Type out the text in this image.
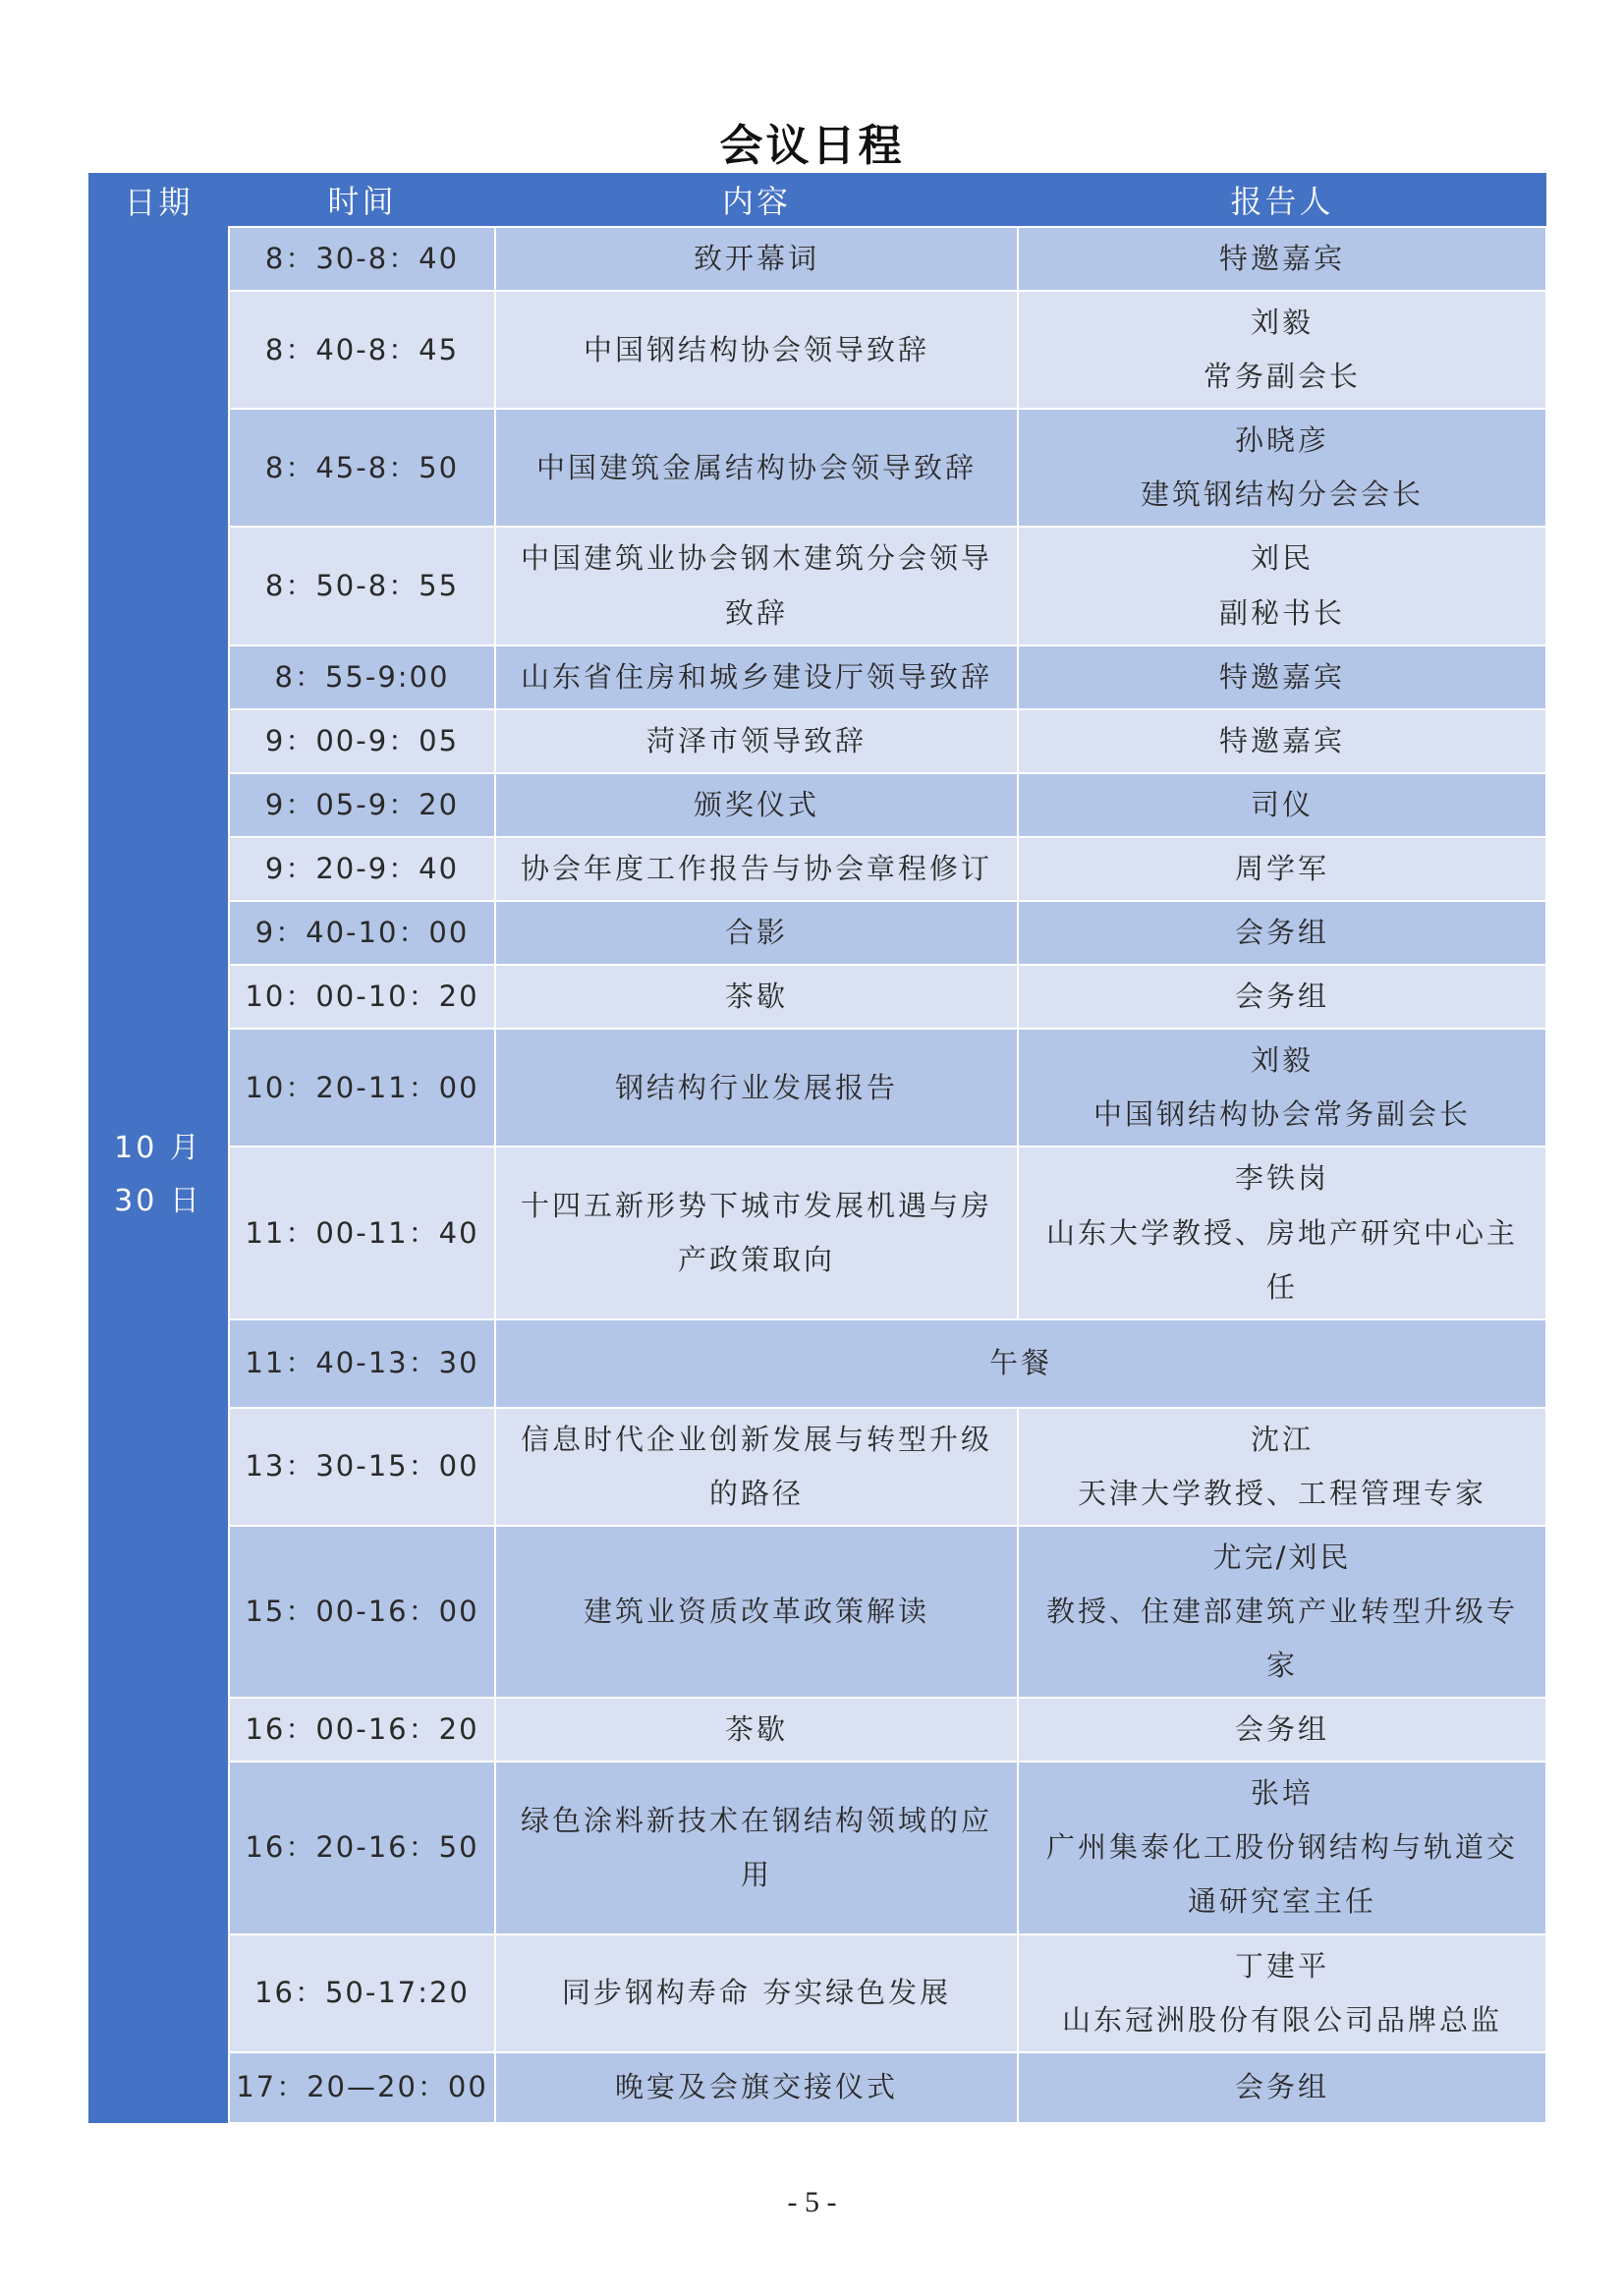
会议日程
日期	时间	内容	报告人

10 月
30 日	8：30-8：40	致开幕词	特邀嘉宾

	8：40-8：45	中国钢结构协会领导致辞	刘毅
常务副会长

	8：45-8：50	中国建筑金属结构协会领导致辞	孙晓彦
建筑钢结构分会会长

	8：50-8：55	中国建筑业协会钢木建筑分会领导致辞	刘民
副秘书长

	8：55-9:00	山东省住房和城乡建设厅领导致辞	特邀嘉宾

	9：00-9：05	菏泽市领导致辞	特邀嘉宾

	9：05-9：20	颁奖仪式	司仪

	9：20-9：40	协会年度工作报告与协会章程修订	周学军

	9：40-10：00	合影	会务组

	10：00-10：20	茶歇	会务组

	10：20-11：00	钢结构行业发展报告	刘毅
中国钢结构协会常务副会长

	11：00-11：40	十四五新形势下城市发展机遇与房产政策取向	李铁岗
山东大学教授、房地产研究中心主任

	11：40-13：30	午餐	
	13：30-15：00	信息时代企业创新发展与转型升级的路径	沈江
天津大学教授、工程管理专家

	15：00-16：00	建筑业资质改革政策解读	尤完/刘民
教授、住建部建筑产业转型升级专家

	16：00-16：20	茶歇	会务组

	16：20-16：50	绿色涂料新技术在钢结构领域的应用	张培
广州集泰化工股份钢结构与轨道交通研究室主任

	16：50-17:20	同步钢构寿命 夯实绿色发展	丁建平
山东冠洲股份有限公司品牌总监

	17：20—20：00	晚宴及会旗交接仪式	会务组
- 5 -
